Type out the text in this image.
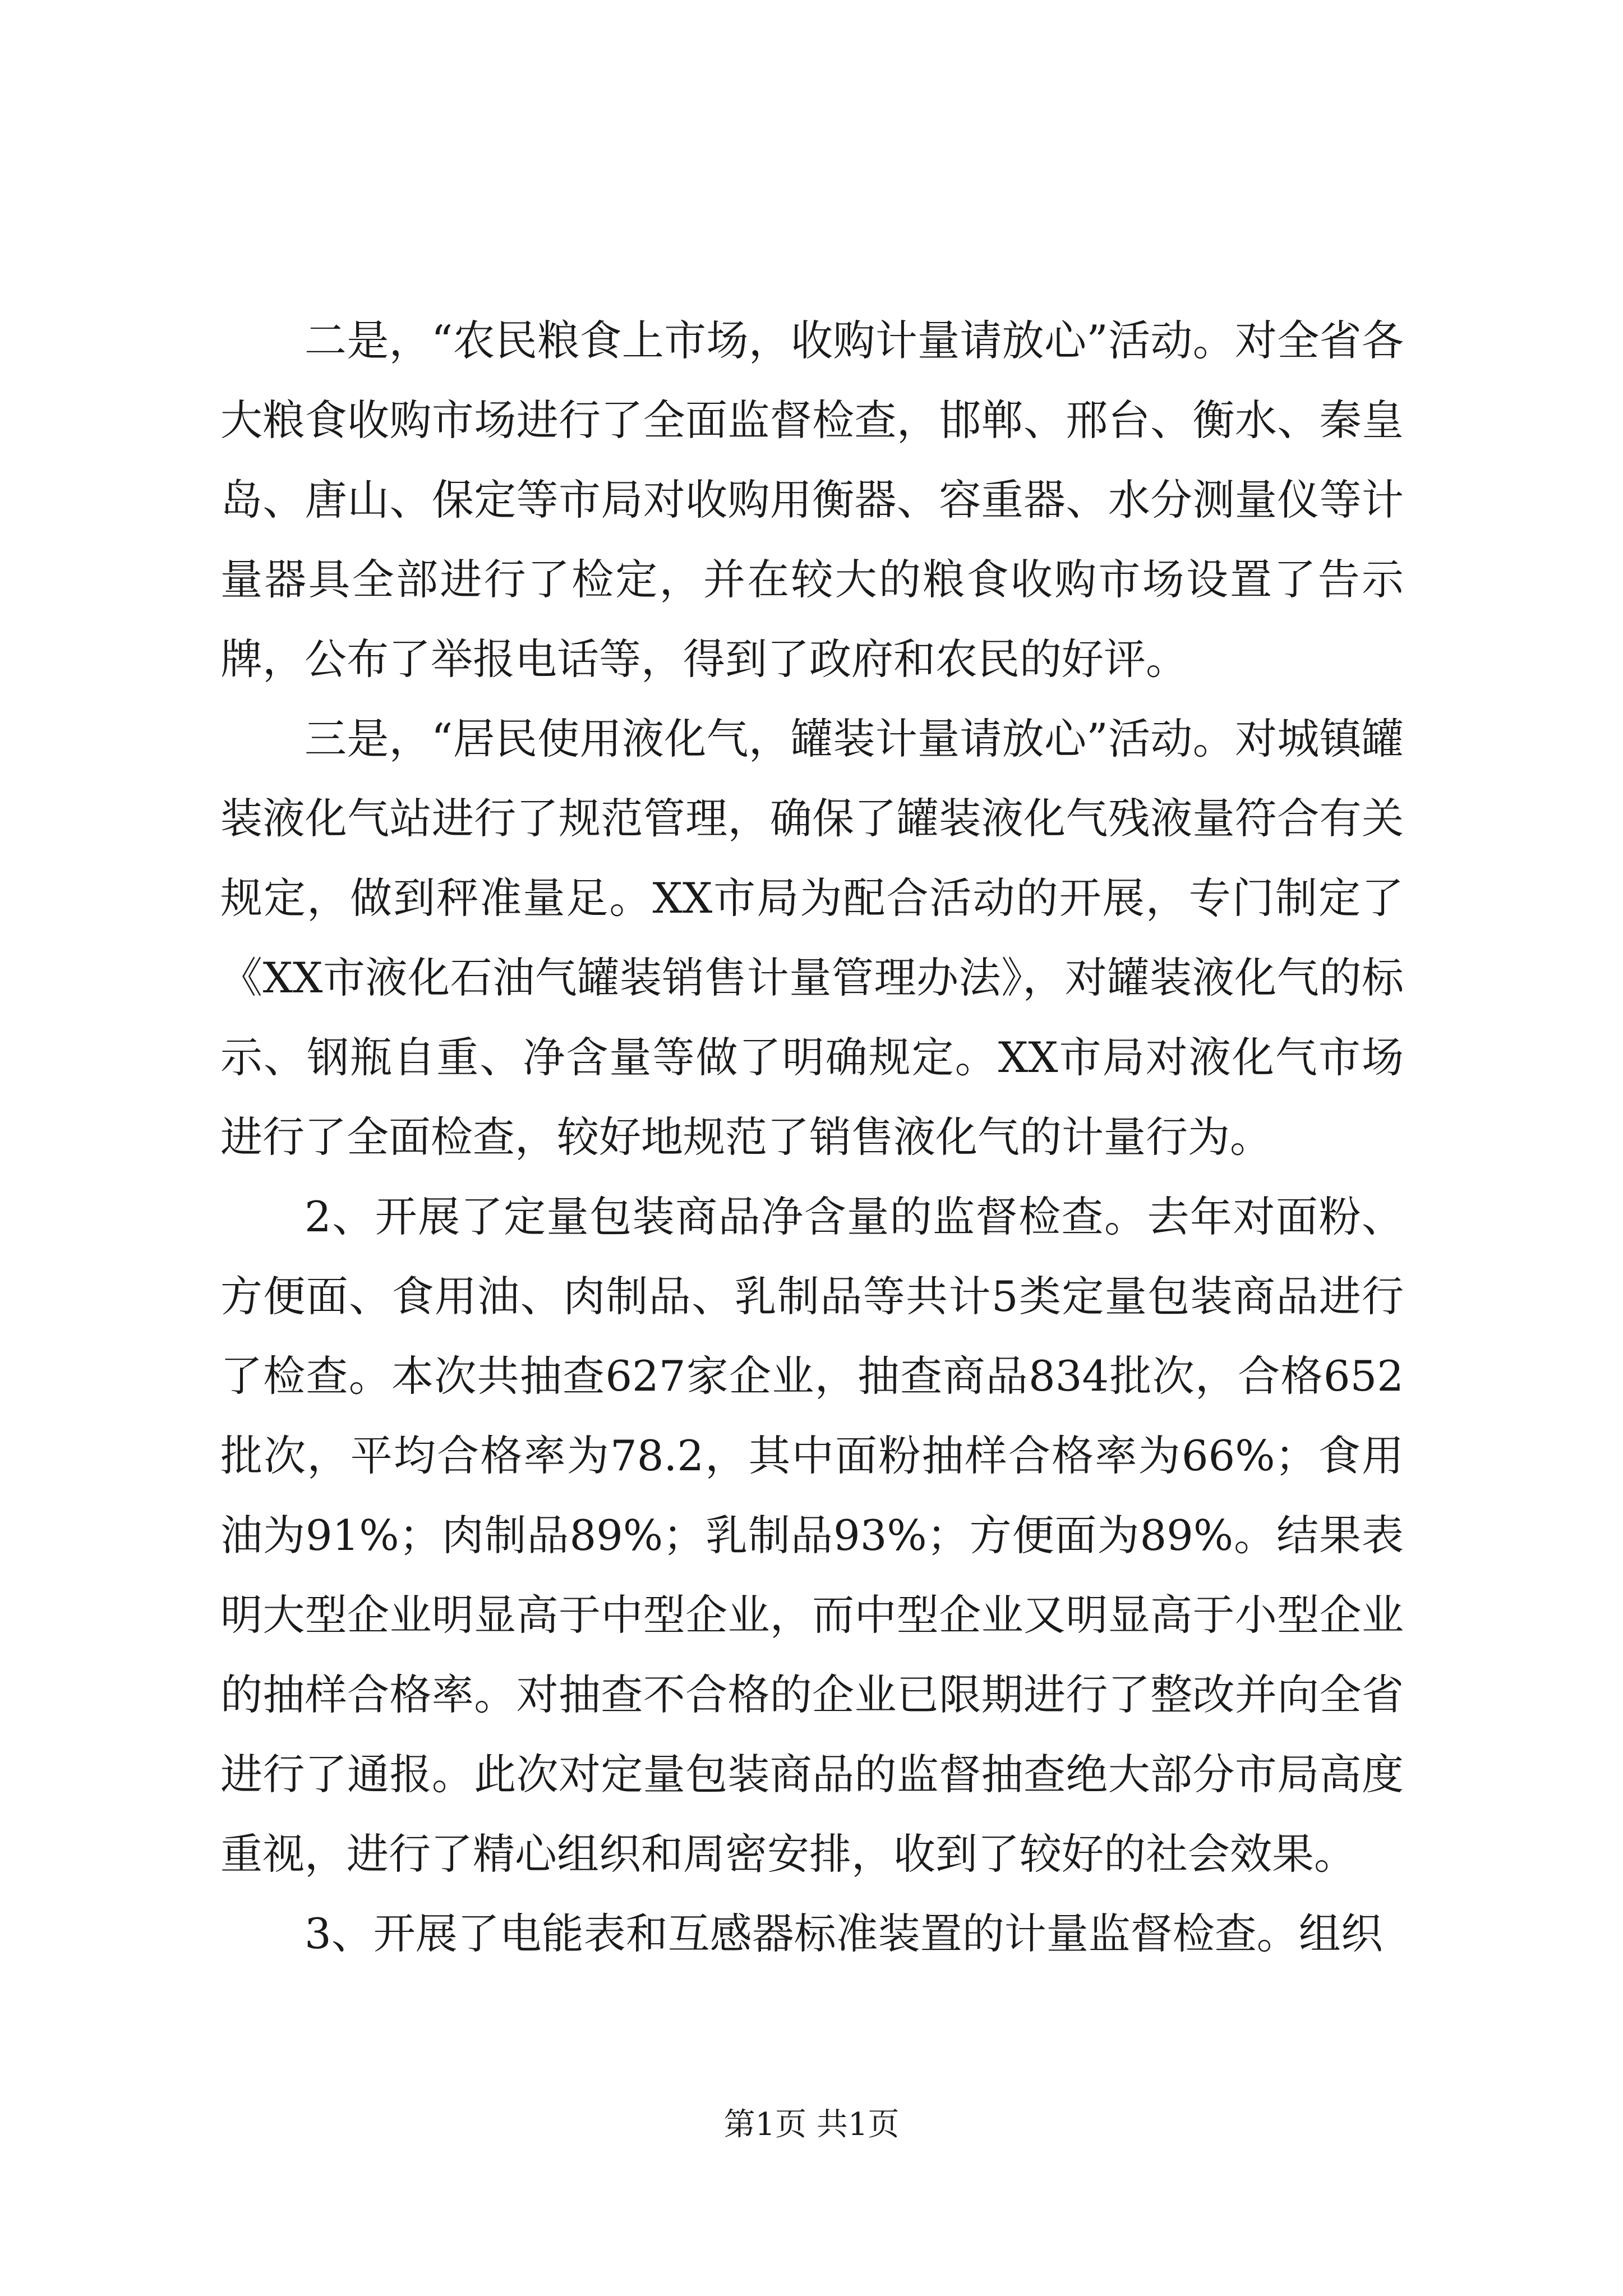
二是，“农民粮食上市场，收购计量请放心”活动。对全省各大粮食收购市场进行了全面监督检查，邯郸、邢台、衡水、秦皇岛、唐山、保定等市局对收购用衡器、容重器、水分测量仪等计量器具全部进行了检定，并在较大的粮食收购市场设置了告示牌，公布了举报电话等，得到了政府和农民的好评。

三是，“居民使用液化气，罐装计量请放心”活动。对城镇罐装液化气站进行了规范管理，确保了罐装液化气残液量符合有关规定，做到秤准量足。XX市局为配合活动的开展，专门制定了《XX市液化石油气罐装销售计量管理办法》，对罐装液化气的标示、钢瓶自重、净含量等做了明确规定。XX市局对液化气市场进行了全面检查，较好地规范了销售液化气的计量行为。

2、开展了定量包装商品净含量的监督检查。去年对面粉、方便面、食用油、肉制品、乳制品等共计5类定量包装商品进行了检查。本次共抽查627家企业，抽查商品834批次，合格652批次，平均合格率为78.2，其中面粉抽样合格率为66%；食用油为91%；肉制品89%；乳制品93%；方便面为89%。结果表明大型企业明显高于中型企业，而中型企业又明显高于小型企业的抽样合格率。对抽查不合格的企业已限期进行了整改并向全省进行了通报。此次对定量包装商品的监督抽查绝大部分市局高度重视，进行了精心组织和周密安排，收到了较好的社会效果。

3、开展了电能表和互感器标准装置的计量监督检查。组织

第1页 共1页
